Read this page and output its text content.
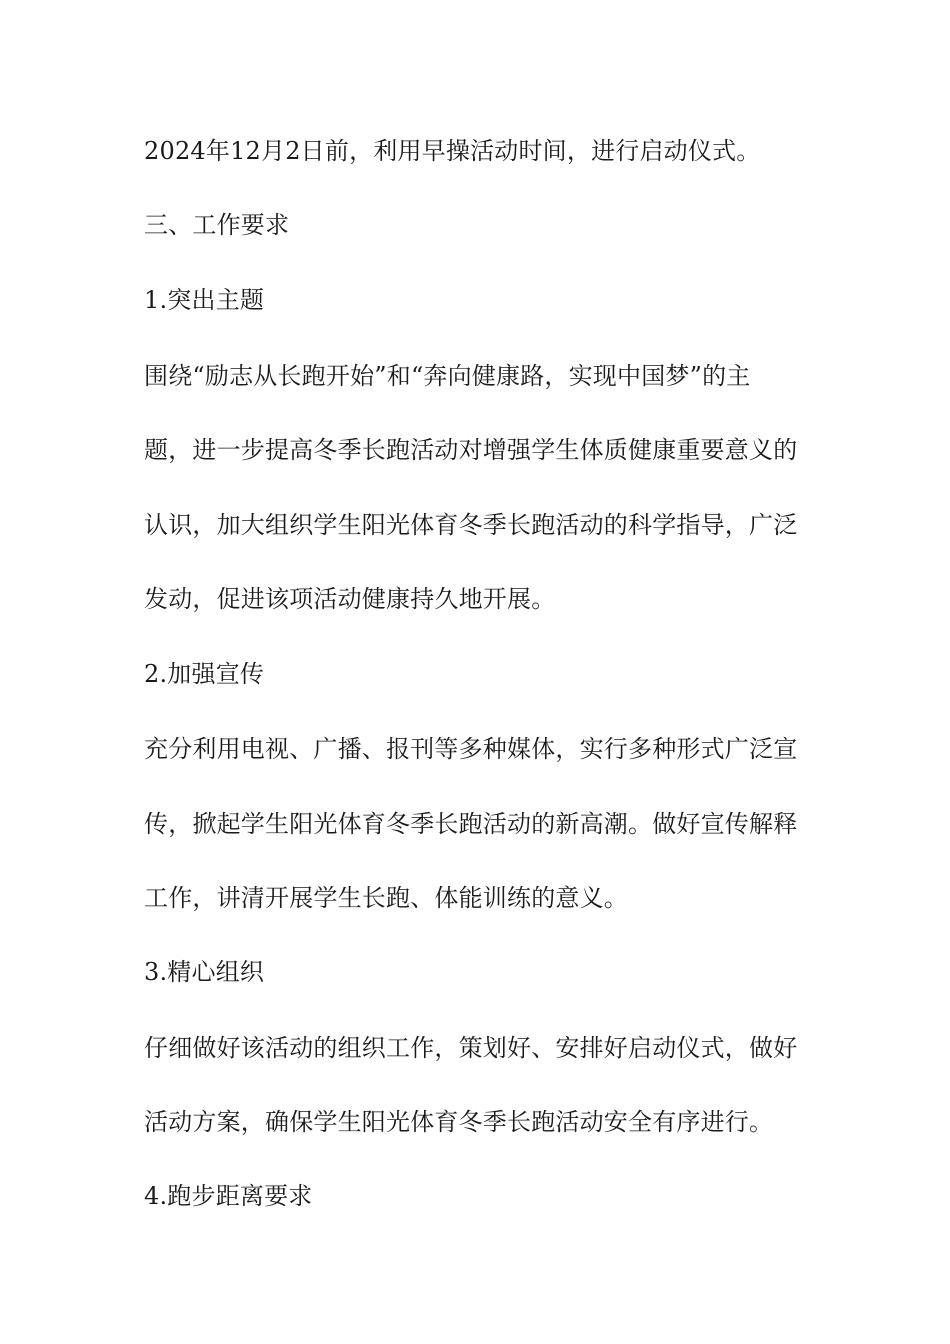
2024年12月2日前，利用早操活动时间，进行启动仪式。
三、工作要求
1.突出主题
围绕“励志从长跑开始”和“奔向健康路，实现中国梦”的主
题，进一步提高冬季长跑活动对增强学生体质健康重要意义的
认识，加大组织学生阳光体育冬季长跑活动的科学指导，广泛
发动，促进该项活动健康持久地开展。
2.加强宣传
充分利用电视、广播、报刊等多种媒体，实行多种形式广泛宣
传，掀起学生阳光体育冬季长跑活动的新高潮。做好宣传解释
工作，讲清开展学生长跑、体能训练的意义。
3.精心组织
仔细做好该活动的组织工作，策划好、安排好启动仪式，做好
活动方案，确保学生阳光体育冬季长跑活动安全有序进行。
4.跑步距离要求
